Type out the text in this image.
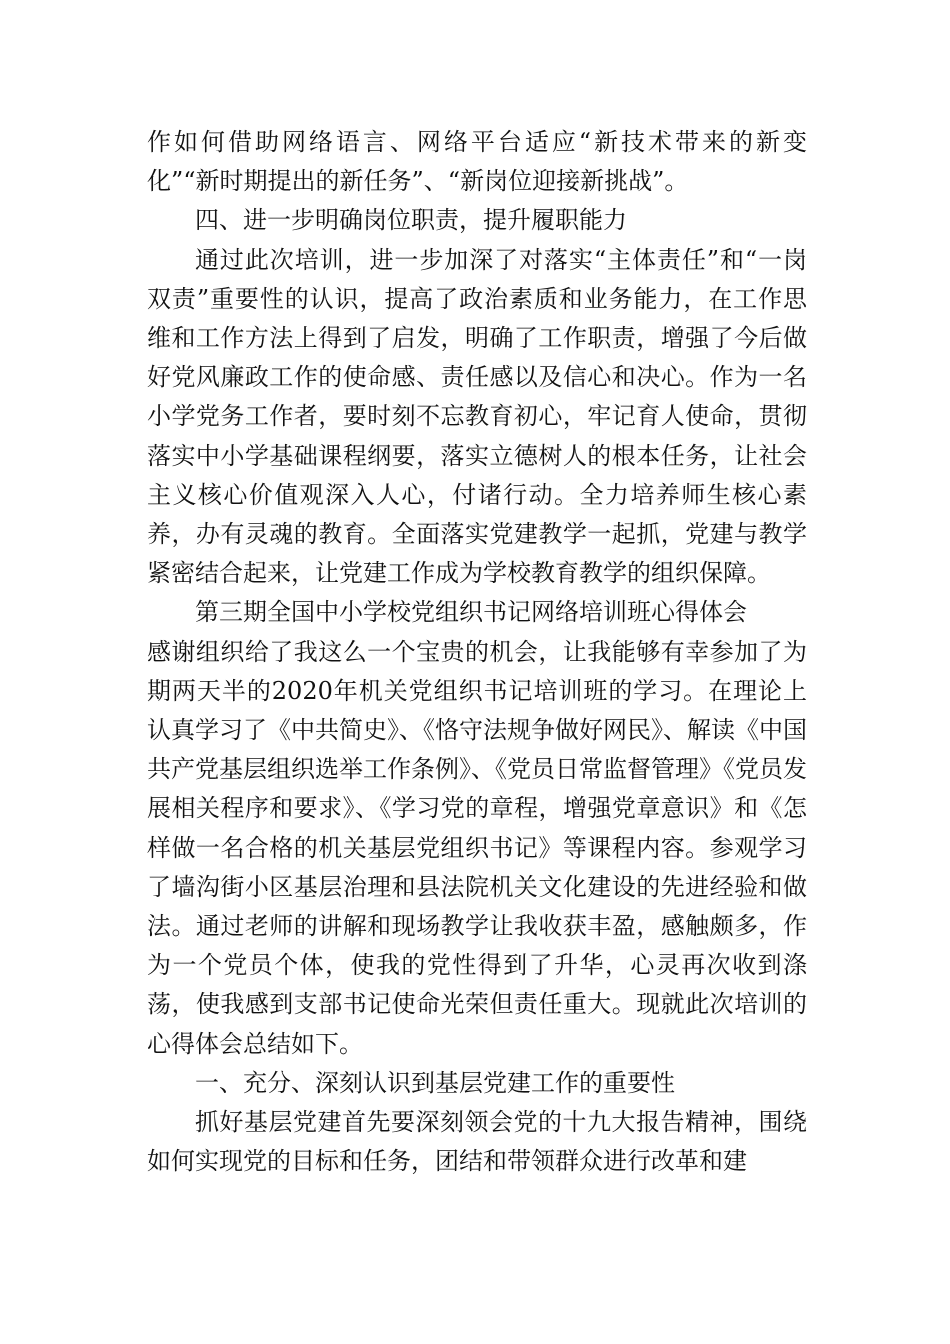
作如何借助网络语言、网络平台适应“新技术带来的新变化”“新时期提出的新任务”、“新岗位迎接新挑战”。

四、进一步明确岗位职责，提升履职能力

通过此次培训，进一步加深了对落实“主体责任”和“一岗双责”重要性的认识，提高了政治素质和业务能力，在工作思维和工作方法上得到了启发，明确了工作职责，增强了今后做好党风廉政工作的使命感、责任感以及信心和决心。作为一名小学党务工作者，要时刻不忘教育初心，牢记育人使命，贯彻落实中小学基础课程纲要，落实立德树人的根本任务，让社会主义核心价值观深入人心，付诸行动。全力培养师生核心素养，办有灵魂的教育。全面落实党建教学一起抓，党建与教学紧密结合起来，让党建工作成为学校教育教学的组织保障。

第三期全国中小学校党组织书记网络培训班心得体会

感谢组织给了我这么一个宝贵的机会，让我能够有幸参加了为期两天半的2020年机关党组织书记培训班的学习。在理论上认真学习了《中共简史》、《恪守法规争做好网民》、解读《中国共产党基层组织选举工作条例》、《党员日常监督管理》《党员发展相关程序和要求》、《学习党的章程，增强党章意识》和《怎样做一名合格的机关基层党组织书记》等课程内容。参观学习了墙沟街小区基层治理和县法院机关文化建设的先进经验和做法。通过老师的讲解和现场教学让我收获丰盈，感触颇多，作为一个党员个体，使我的党性得到了升华，心灵再次收到涤荡，使我感到支部书记使命光荣但责任重大。现就此次培训的心得体会总结如下。

一、充分、深刻认识到基层党建工作的重要性

抓好基层党建首先要深刻领会党的十九大报告精神，围绕如何实现党的目标和任务，团结和带领群众进行改革和建
